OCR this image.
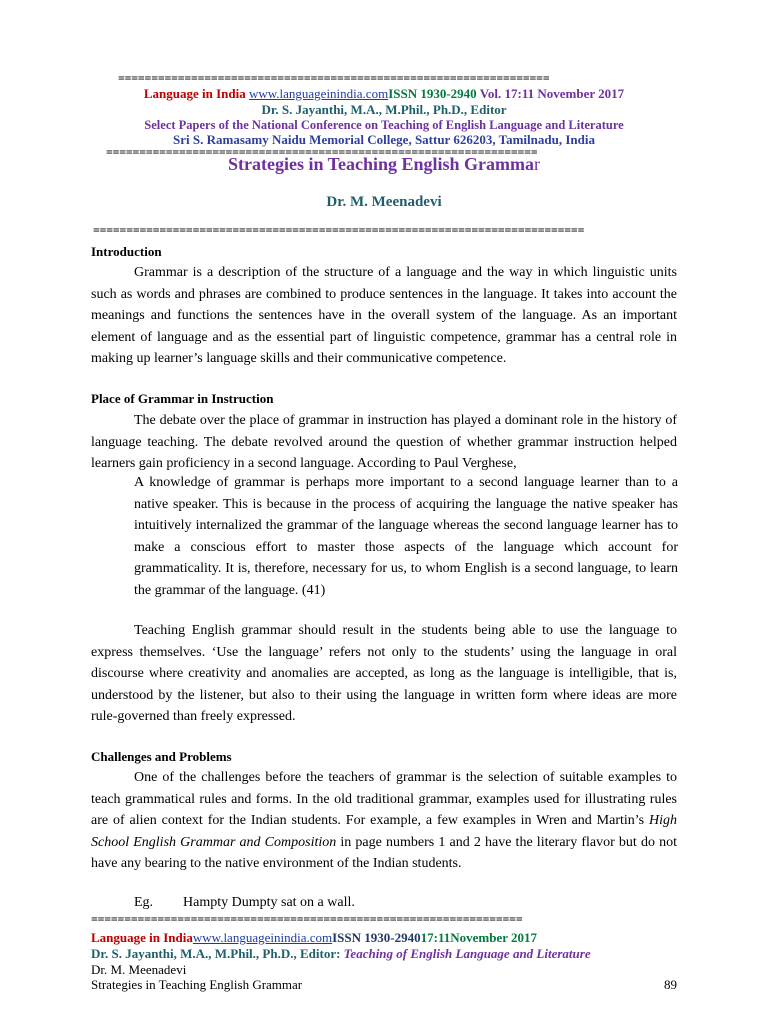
=================================================================
Language in India www.languageinindia.comISSN 1930-2940 Vol. 17:11 November 2017
Dr. S. Jayanthi, M.A., M.Phil., Ph.D., Editor
Select Papers of the National Conference on Teaching of English Language and Literature
Sri S. Ramasamy Naidu Memorial College, Sattur 626203, Tamilnadu, India
=================================================================
Strategies in Teaching English Grammar
Dr. M. Meenadevi
==========================================================================
Introduction
Grammar is a description of the structure of a language and the way in which linguistic units such as words and phrases are combined to produce sentences in the language. It takes into account the meanings and functions the sentences have in the overall system of the language. As an important element of language and as the essential part of linguistic competence, grammar has a central role in making up learner’s language skills and their communicative competence.
Place of Grammar in Instruction
The debate over the place of grammar in instruction has played a dominant role in the history of language teaching. The debate revolved around the question of whether grammar instruction helped learners gain proficiency in a second language. According to Paul Verghese,
A knowledge of grammar is perhaps more important to a second language learner than to a native speaker. This is because in the process of acquiring the language the native speaker has intuitively internalized the grammar of the language whereas the second language learner has to make a conscious effort to master those aspects of the language which account for grammaticality. It is, therefore, necessary for us, to whom English is a second language, to learn the grammar of the language. (41)
Teaching English grammar should result in the students being able to use the language to express themselves. ‘Use the language’ refers not only to the students’ using the language in oral discourse where creativity and anomalies are accepted, as long as the language is intelligible, that is, understood by the listener, but also to their using the language in written form where ideas are more rule-governed than freely expressed.
Challenges and Problems
One of the challenges before the teachers of grammar is the selection of suitable examples to teach grammatical rules and forms. In the old traditional grammar, examples used for illustrating rules are of alien context for the Indian students. For example, a few examples in Wren and Martin’s High School English Grammar and Composition in page numbers 1 and 2 have the literary flavor but do not have any bearing to the native environment of the Indian students.
Eg. Hampty Dumpty sat on a wall.
=================================================================
Language in Indiawww.languageinindia.comISSN 1930-294017:11November 2017
Dr. S. Jayanthi, M.A., M.Phil., Ph.D., Editor: Teaching of English Language and Literature
Dr. M. Meenadevi
Strategies in Teaching English Grammar	89
